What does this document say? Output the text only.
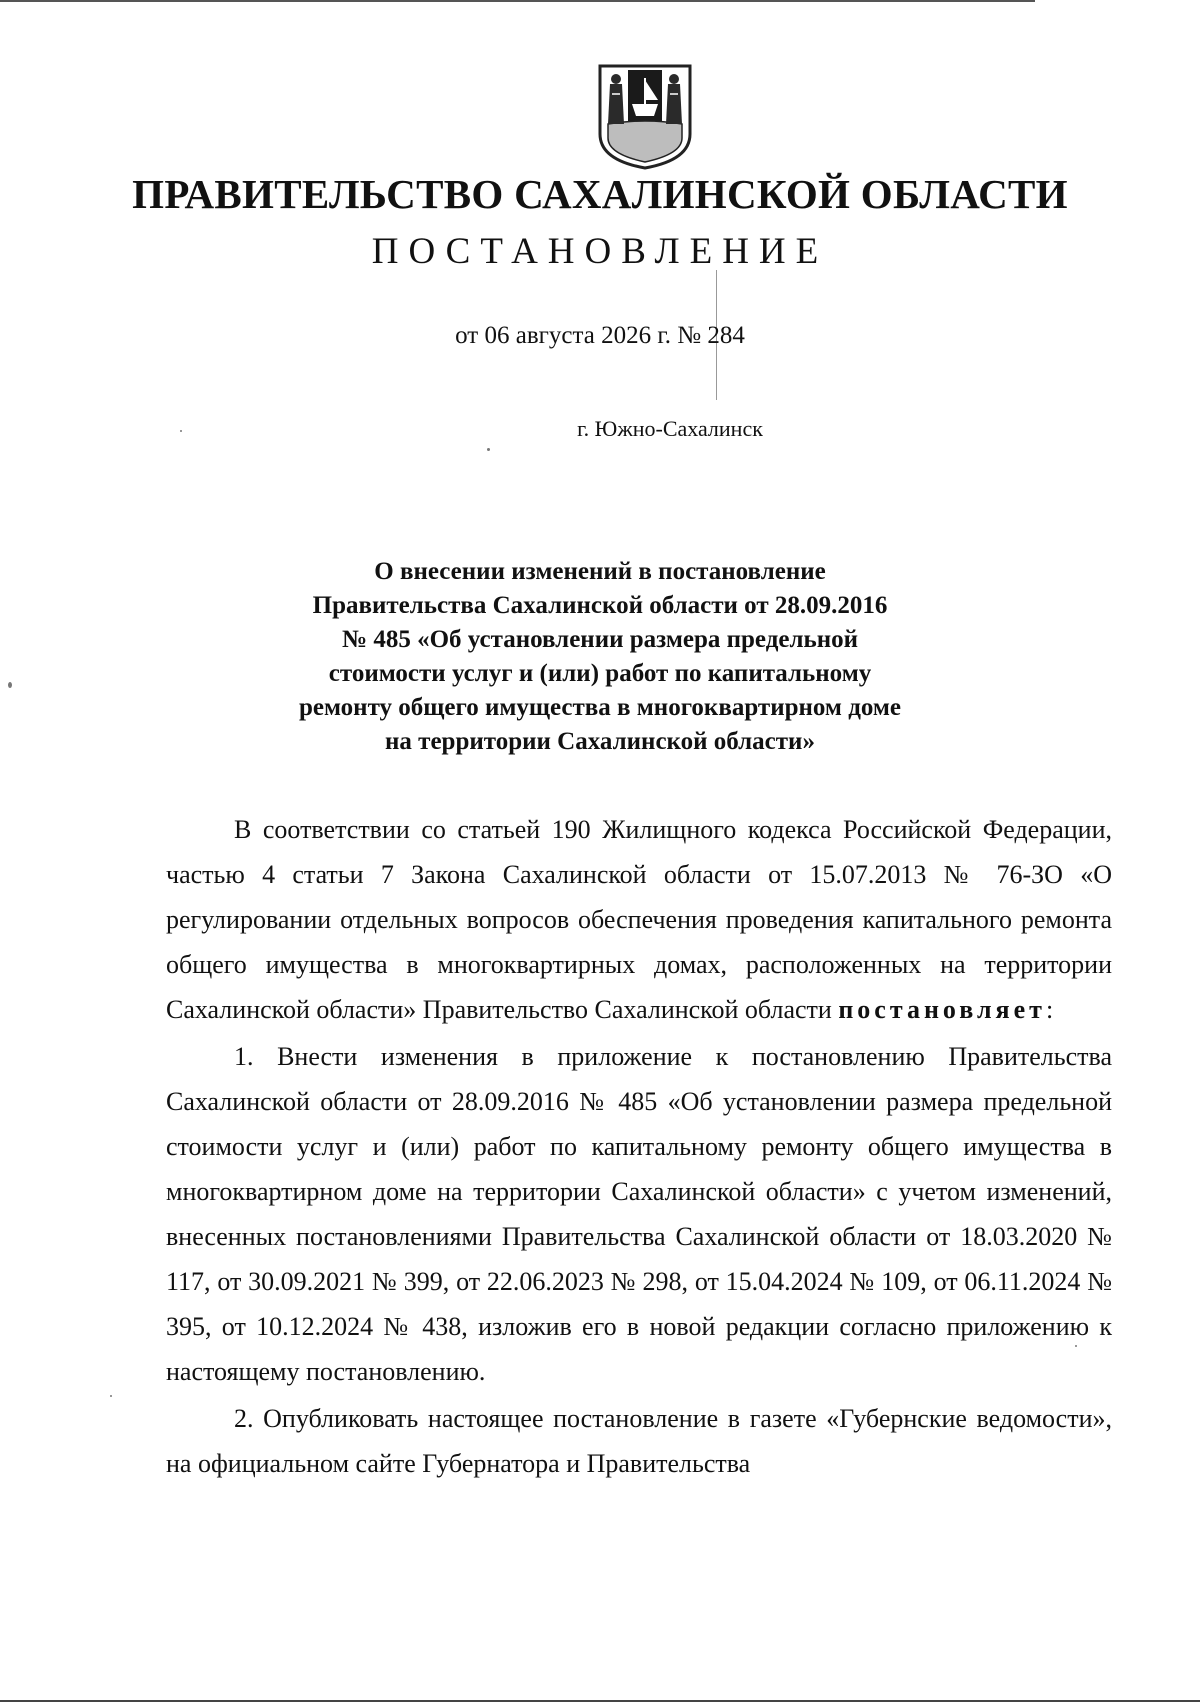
ПРАВИТЕЛЬСТВО САХАЛИНСКОЙ ОБЛАСТИ
ПОСТАНОВЛЕНИЕ
от 06 августа 2026 г. № 284
г. Южно-Сахалинск
О внесении изменений в постановление
Правительства Сахалинской области от 28.09.2016
№ 485 «Об установлении размера предельной
стоимости услуг и (или) работ по капитальному
ремонту общего имущества в многоквартирном доме
на территории Сахалинской области»

В соответствии со статьей 190 Жилищного кодекса Российской Федерации, частью 4 статьи 7 Закона Сахалинской области от 15.07.2013 № 76-ЗО «О регулировании отдельных вопросов обеспечения проведения капитального ремонта общего имущества в многоквартирных домах, расположенных на территории Сахалинской области» Правительство Сахалинской области постановляет:

1. Внести изменения в приложение к постановлению Правительства Сахалинской области от 28.09.2016 № 485 «Об установлении размера предельной стоимости услуг и (или) работ по капитальному ремонту общего имущества в многоквартирном доме на территории Сахалинской области» с учетом изменений, внесенных постановлениями Правительства Сахалинской области от 18.03.2020 № 117, от 30.09.2021 № 399, от 22.06.2023 № 298, от 15.04.2024 № 109, от 06.11.2024 № 395, от 10.12.2024 № 438, изложив его в новой редакции согласно приложению к настоящему постановлению.

2. Опубликовать настоящее постановление в газете «Губернские ведомости», на официальном сайте Губернатора и Правительства
